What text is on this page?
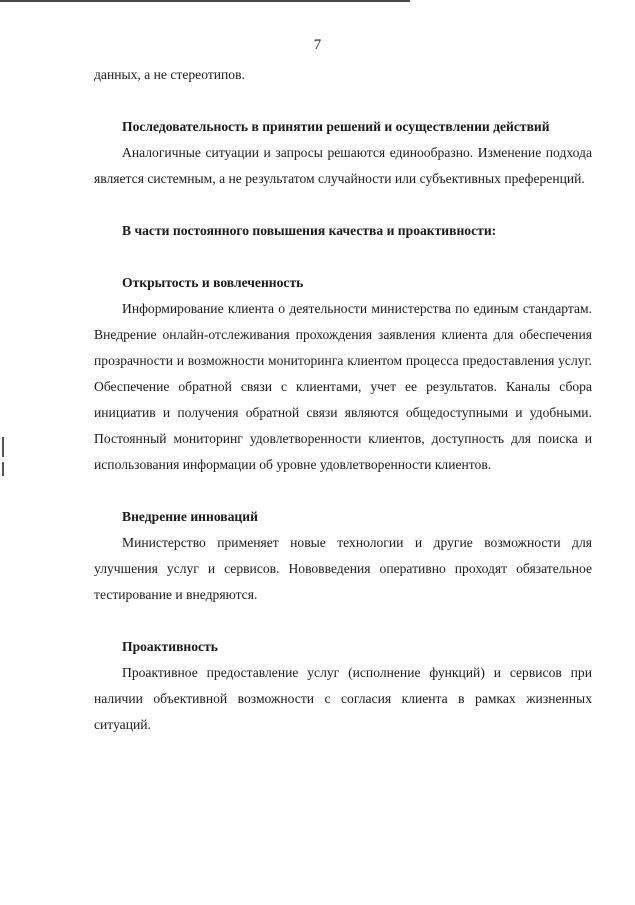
7

данных, а не стереотипов.

Последовательность в принятии решений и осуществлении действий

Аналогичные ситуации и запросы решаются единообразно. Изменение подхода является системным, а не результатом случайности или субъективных преференций.

В части постоянного повышения качества и проактивности:

Открытость и вовлеченность

Информирование клиента о деятельности министерства по единым стандартам. Внедрение онлайн-отслеживания прохождения заявления клиента для обеспечения прозрачности и возможности мониторинга клиентом процесса предоставления услуг. Обеспечение обратной связи с клиентами, учет ее результатов. Каналы сбора инициатив и получения обратной связи являются общедоступными и удобными. Постоянный мониторинг удовлетворенности клиентов, доступность для поиска и использования информации об уровне удовлетворенности клиентов.

Внедрение инноваций

Министерство применяет новые технологии и другие возможности для улучшения услуг и сервисов. Нововведения оперативно проходят обязательное тестирование и внедряются.

Проактивность

Проактивное предоставление услуг (исполнение функций) и сервисов при наличии объективной возможности с согласия клиента в рамках жизненных ситуаций.
